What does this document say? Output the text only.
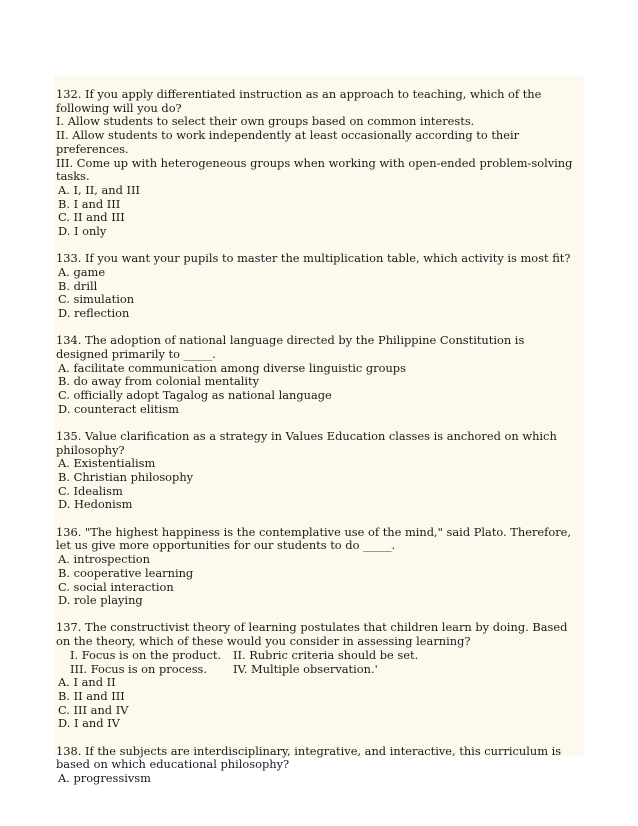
132. If you apply differentiated instruction as an approach to teaching, which of the following will you do?
I. Allow students to select their own groups based on common interests.
II. Allow students to work independently at least occasionally according to their preferences.
III. Come up with heterogeneous groups when working with open-ended problem-solving tasks.
A. I, II, and III
B. I and III
C. II and III
D. I only
133. If you want your pupils to master the multiplication table, which activity is most fit?
A. game
B. drill
C. simulation
D. reflection
134. The adoption of national language directed by the Philippine Constitution is designed primarily to _____.
A. facilitate communication among diverse linguistic groups
B. do away from colonial mentality
C. officially adopt Tagalog as national language
D. counteract elitism
135. Value clarification as a strategy in Values Education classes is anchored on which philosophy?
A. Existentialism
B. Christian philosophy
C. Idealism
D. Hedonism
136. "The highest happiness is the contemplative use of the mind," said Plato. Therefore, let us give more opportunities for our students to do _____.
A. introspection
B. cooperative learning
C. social interaction
D. role playing
137. The constructivist theory of learning postulates that children learn by doing. Based on the theory, which of these would you consider in assessing learning?
I. Focus is on the product. II. Rubric criteria should be set.
III. Focus is on process. IV. Multiple observation.'
A. I and II
B. II and III
C. III and IV
D. I and IV
138. If the subjects are interdisciplinary, integrative, and interactive, this curriculum is based on which educational philosophy?
A. progressivsm
